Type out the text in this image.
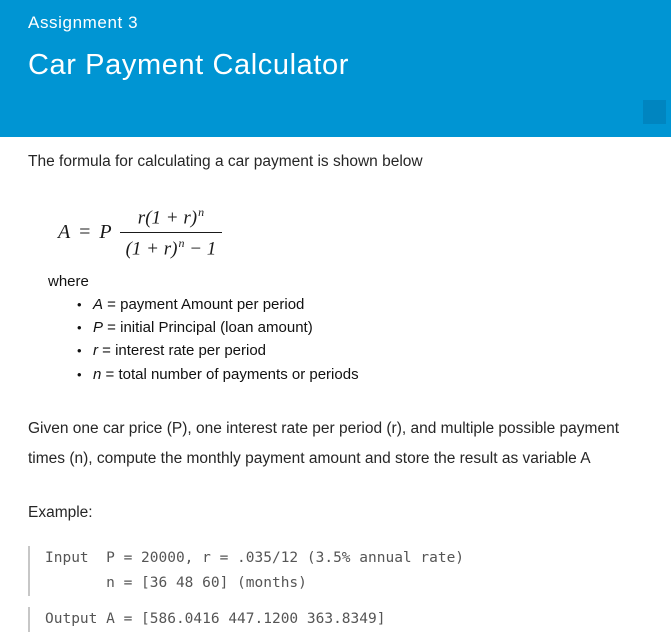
Assignment 3
Car Payment Calculator

The formula for calculating a car payment is shown below

A = P $\frac{r(1 + r)^n}{(1 + r)^n - 1}$
where
• A = payment Amount per period
• P = initial Principal (loan amount)
• r = interest rate per period
• n = total number of payments or periods

Given one car price (P), one interest rate per period (r), and multiple possible payment times (n), compute the monthly payment amount and store the result as variable A

Example:

Input  P = 20000, r = .035/12 (3.5% annual rate)
n = [36 48 60] (months)
Output A = [586.0416 447.1200 363.8349]
